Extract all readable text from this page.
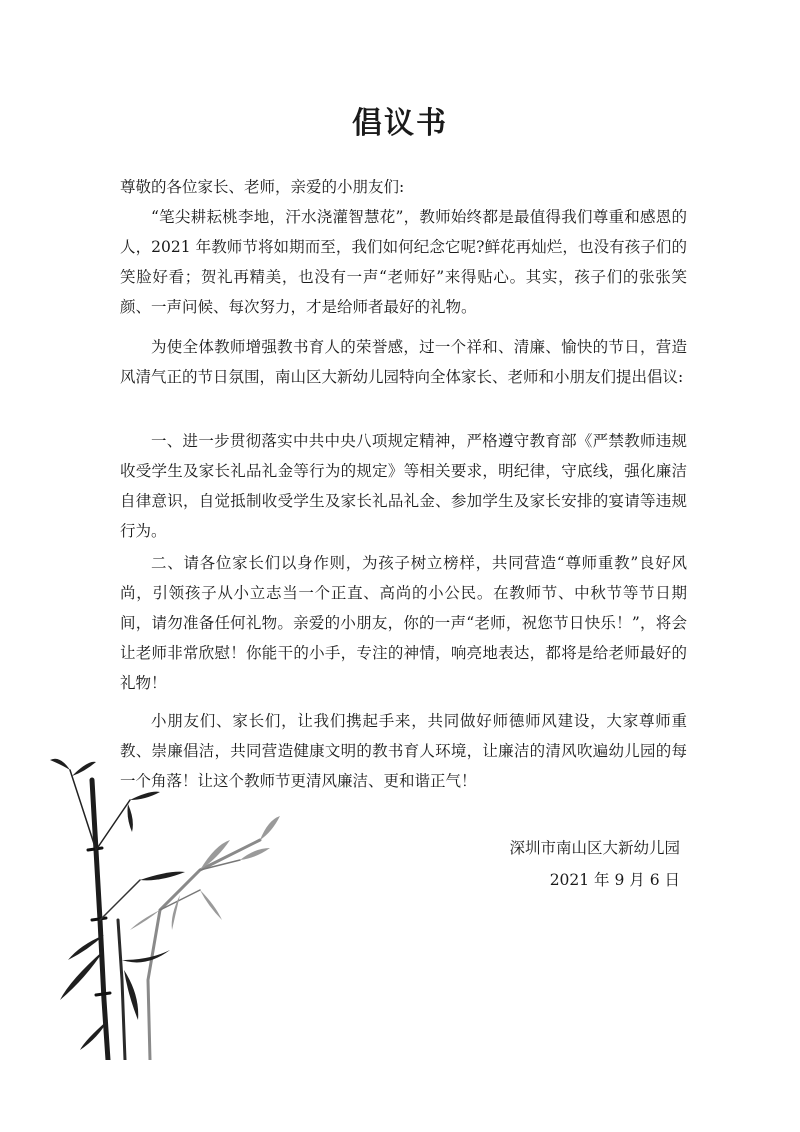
倡议书
尊敬的各位家长、老师，亲爱的小朋友们:
“笔尖耕耘桃李地，汗水浇灌智慧花”，教师始终都是最值得我们尊重和感恩的人，2021 年教师节将如期而至，我们如何纪念它呢?鲜花再灿烂，也没有孩子们的笑脸好看；贺礼再精美，也没有一声“老师好”来得贴心。其实，孩子们的张张笑颜、一声问候、每次努力，才是给师者最好的礼物。
为使全体教师增强教书育人的荣誉感，过一个祥和、清廉、愉快的节日，营造风清气正的节日氛围，南山区大新幼儿园特向全体家长、老师和小朋友们提出倡议:
一、进一步贯彻落实中共中央八项规定精神，严格遵守教育部《严禁教师违规收受学生及家长礼品礼金等行为的规定》等相关要求，明纪律，守底线，强化廉洁自律意识，自觉抵制收受学生及家长礼品礼金、参加学生及家长安排的宴请等违规行为。
二、请各位家长们以身作则，为孩子树立榜样，共同营造“尊师重教”良好风尚，引领孩子从小立志当一个正直、高尚的小公民。在教师节、中秋节等节日期间，请勿准备任何礼物。亲爱的小朋友，你的一声“老师，祝您节日快乐！”，将会让老师非常欣慰！你能干的小手，专注的神情，响亮地表达，都将是给老师最好的礼物！
小朋友们、家长们，让我们携起手来，共同做好师德师风建设，大家尊师重教、崇廉倡洁，共同营造健康文明的教书育人环境，让廉洁的清风吹遍幼儿园的每一个角落！让这个教师节更清风廉洁、更和谐正气！
深圳市南山区大新幼儿园
2021 年 9 月 6 日
